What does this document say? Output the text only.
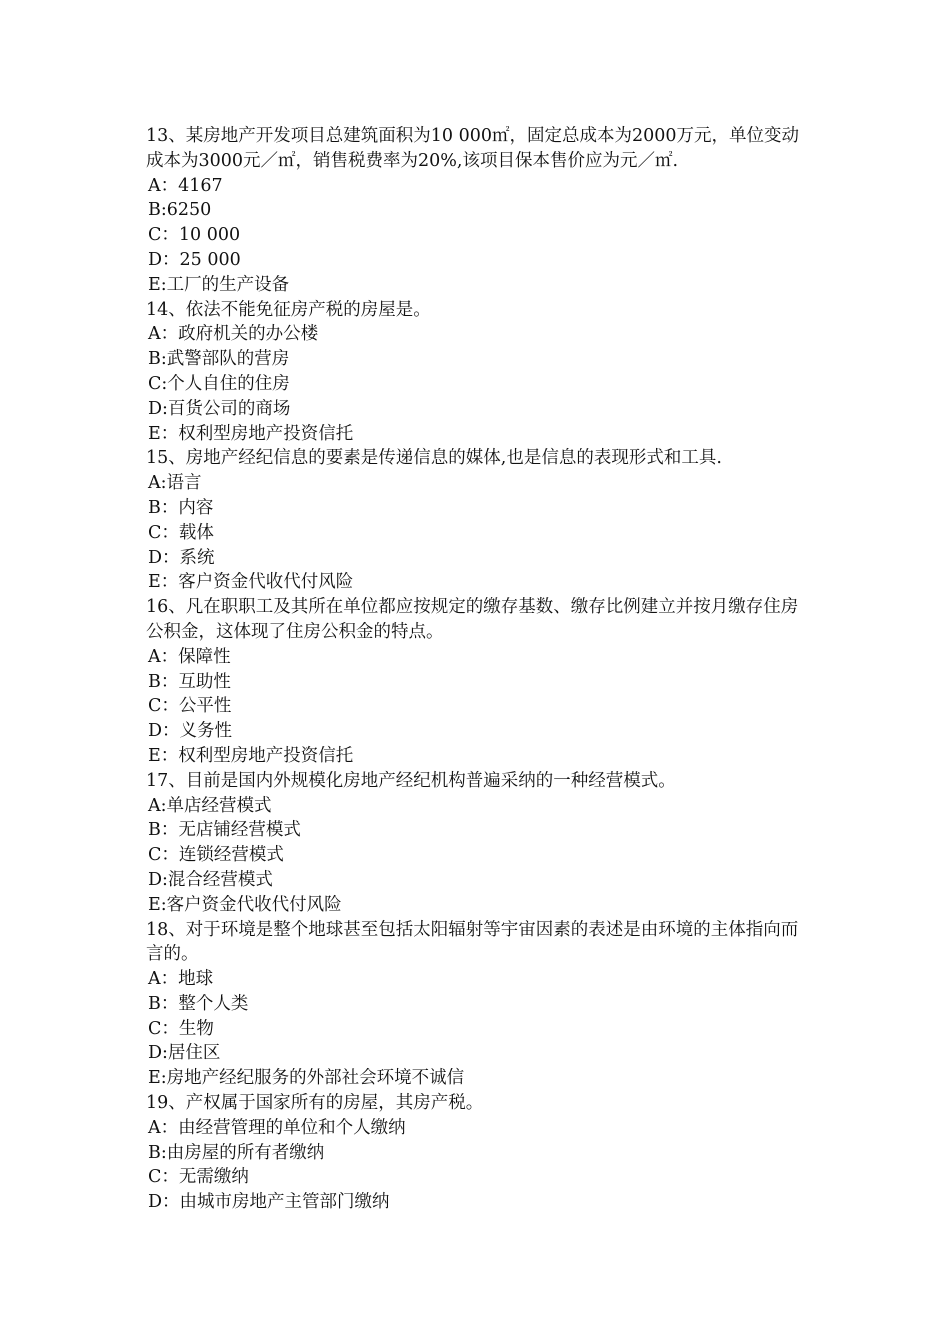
13、某房地产开发项目总建筑面积为10 000㎡，固定总成本为2000万元，单位变动成本为3000元／㎡，销售税费率为20%,该项目保本售价应为元／㎡.

A：4167

B:6250

C：10 000

D：25 000

E:工厂的生产设备

14、依法不能免征房产税的房屋是。

A：政府机关的办公楼

B:武警部队的营房

C:个人自住的住房

D:百货公司的商场

E：权利型房地产投资信托

15、房地产经纪信息的要素是传递信息的媒体,也是信息的表现形式和工具.

A:语言

B：内容

C：载体

D：系统

E：客户资金代收代付风险

16、凡在职职工及其所在单位都应按规定的缴存基数、缴存比例建立并按月缴存住房公积金，这体现了住房公积金的特点。

A：保障性

B：互助性

C：公平性

D：义务性

E：权利型房地产投资信托

17、目前是国内外规模化房地产经纪机构普遍采纳的一种经营模式。

A:单店经营模式

B：无店铺经营模式

C：连锁经营模式

D:混合经营模式

E:客户资金代收代付风险

18、对于环境是整个地球甚至包括太阳辐射等宇宙因素的表述是由环境的主体指向而言的。

A：地球

B：整个人类

C：生物

D:居住区

E:房地产经纪服务的外部社会环境不诚信

19、产权属于国家所有的房屋，其房产税。

A：由经营管理的单位和个人缴纳

B:由房屋的所有者缴纳

C：无需缴纳

D：由城市房地产主管部门缴纳
